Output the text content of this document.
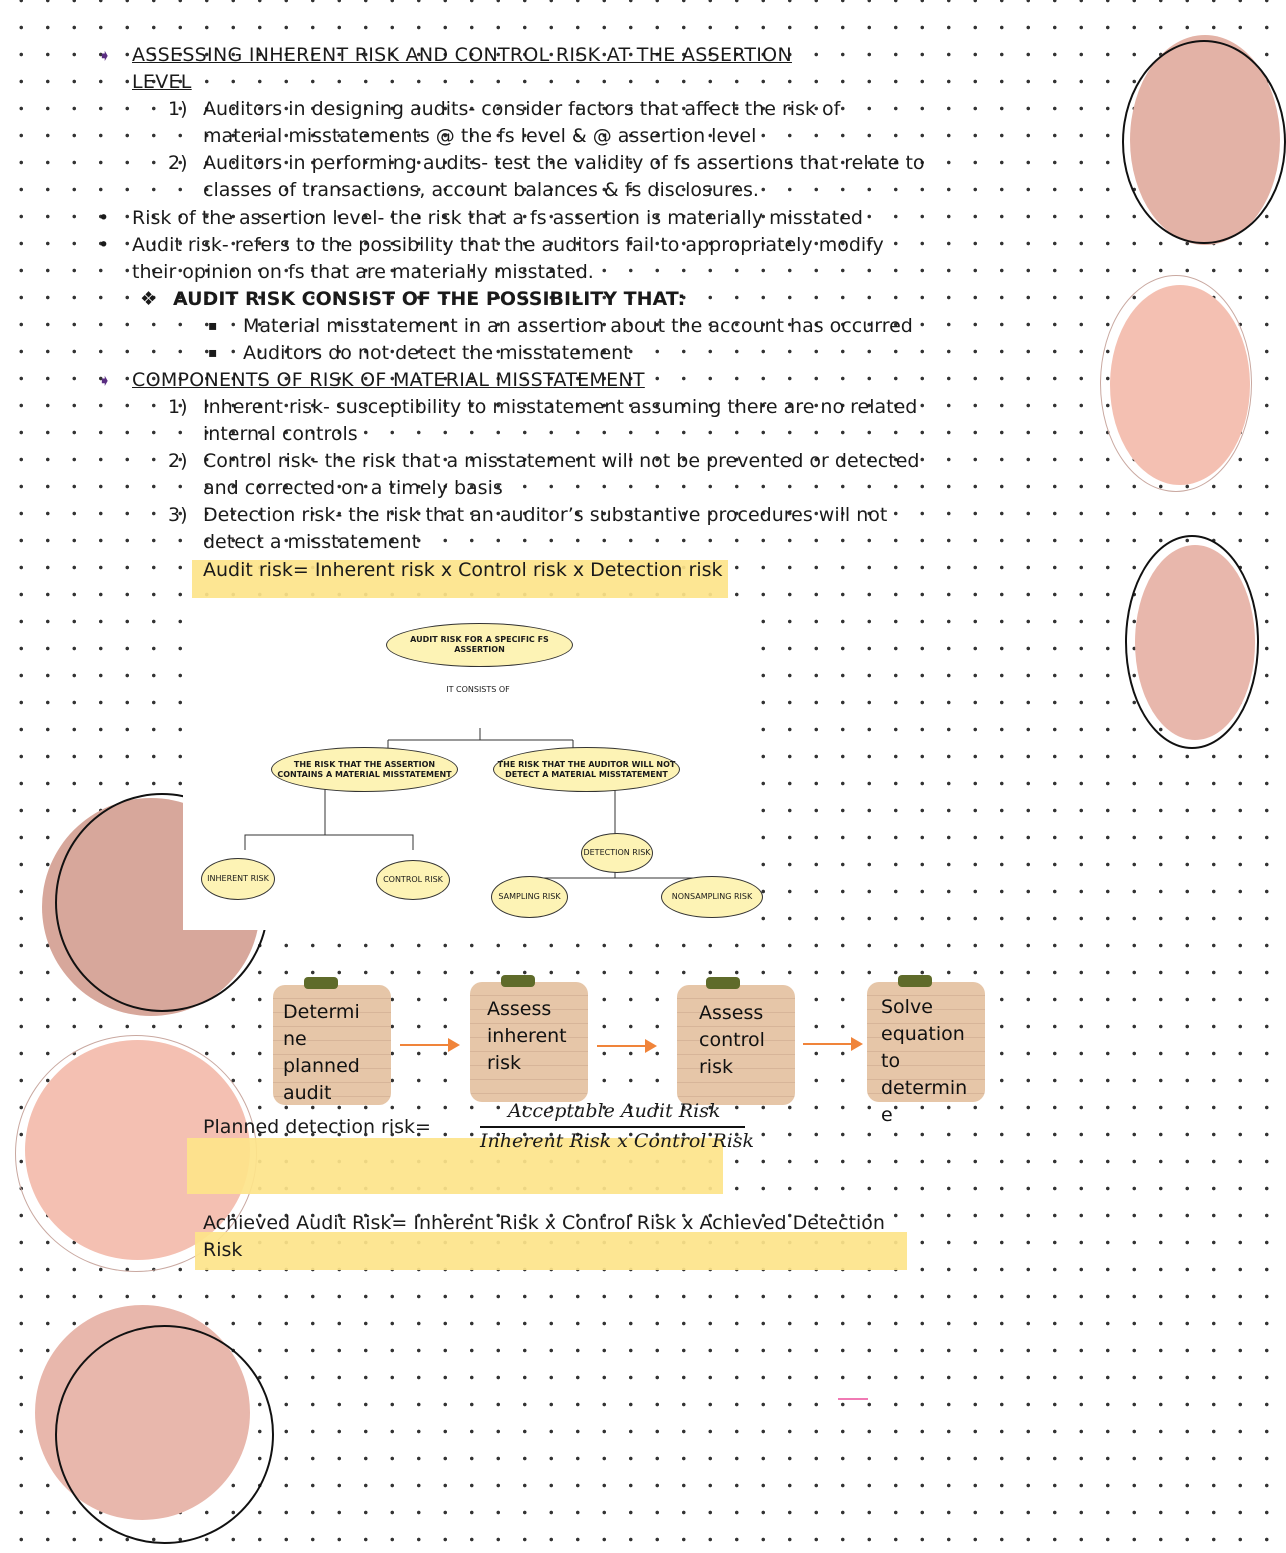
➧ ASSESSING INHERENT RISK AND CONTROL RISK AT THE ASSERTION
LEVEL
1) Auditors in designing audits- consider factors that affect the risk of
material misstatements @ the fs level & @ assertion level
2) Auditors in performing audits- test the validity of fs assertions that relate to
classes of transactions, account balances & fs disclosures.
• Risk of the assertion level- the risk that a fs assertion is materially misstated
• Audit risk- refers to the possibility that the auditors fail to appropriately modify
their opinion on fs that are materially misstated.
❖ AUDIT RISK CONSIST OF THE POSSIBILITY THAT:
▪ Material misstatement in an assertion about the account has occurred
▪ Auditors do not detect the misstatement
➧ COMPONENTS OF RISK OF MATERIAL MISSTATEMENT
1) Inherent risk- susceptibility to misstatement assuming there are no related
internal controls
2) Control risk- the risk that a misstatement will not be prevented or detected
and corrected on a timely basis
3) Detection risk- the risk that an auditor’s substantive procedures will not
detect a misstatement
Audit risk= Inherent risk x Control risk x Detection risk
AUDIT RISK FOR A SPECIFIC FS ASSERTION
IT CONSISTS OF
THE RISK THAT THE ASSERTION CONTAINS A MATERIAL MISSTATEMENT
THE RISK THAT THE AUDITOR WILL NOT DETECT A MATERIAL MISSTATEMENT
INHERENT RISK	CONTROL RISK
DETECTION RISK
SAMPLING RISK	NONSAMPLING RISK
Determi
ne
planned
audit
Assess
inherent
risk
Assess
control
risk
Solve
equation
to
determin
e
Planned detection risk=
Acceptable Audit Risk
Inherent Risk x Control Risk
Achieved Audit Risk= Inherent Risk x Control Risk x Achieved Detection
Risk
